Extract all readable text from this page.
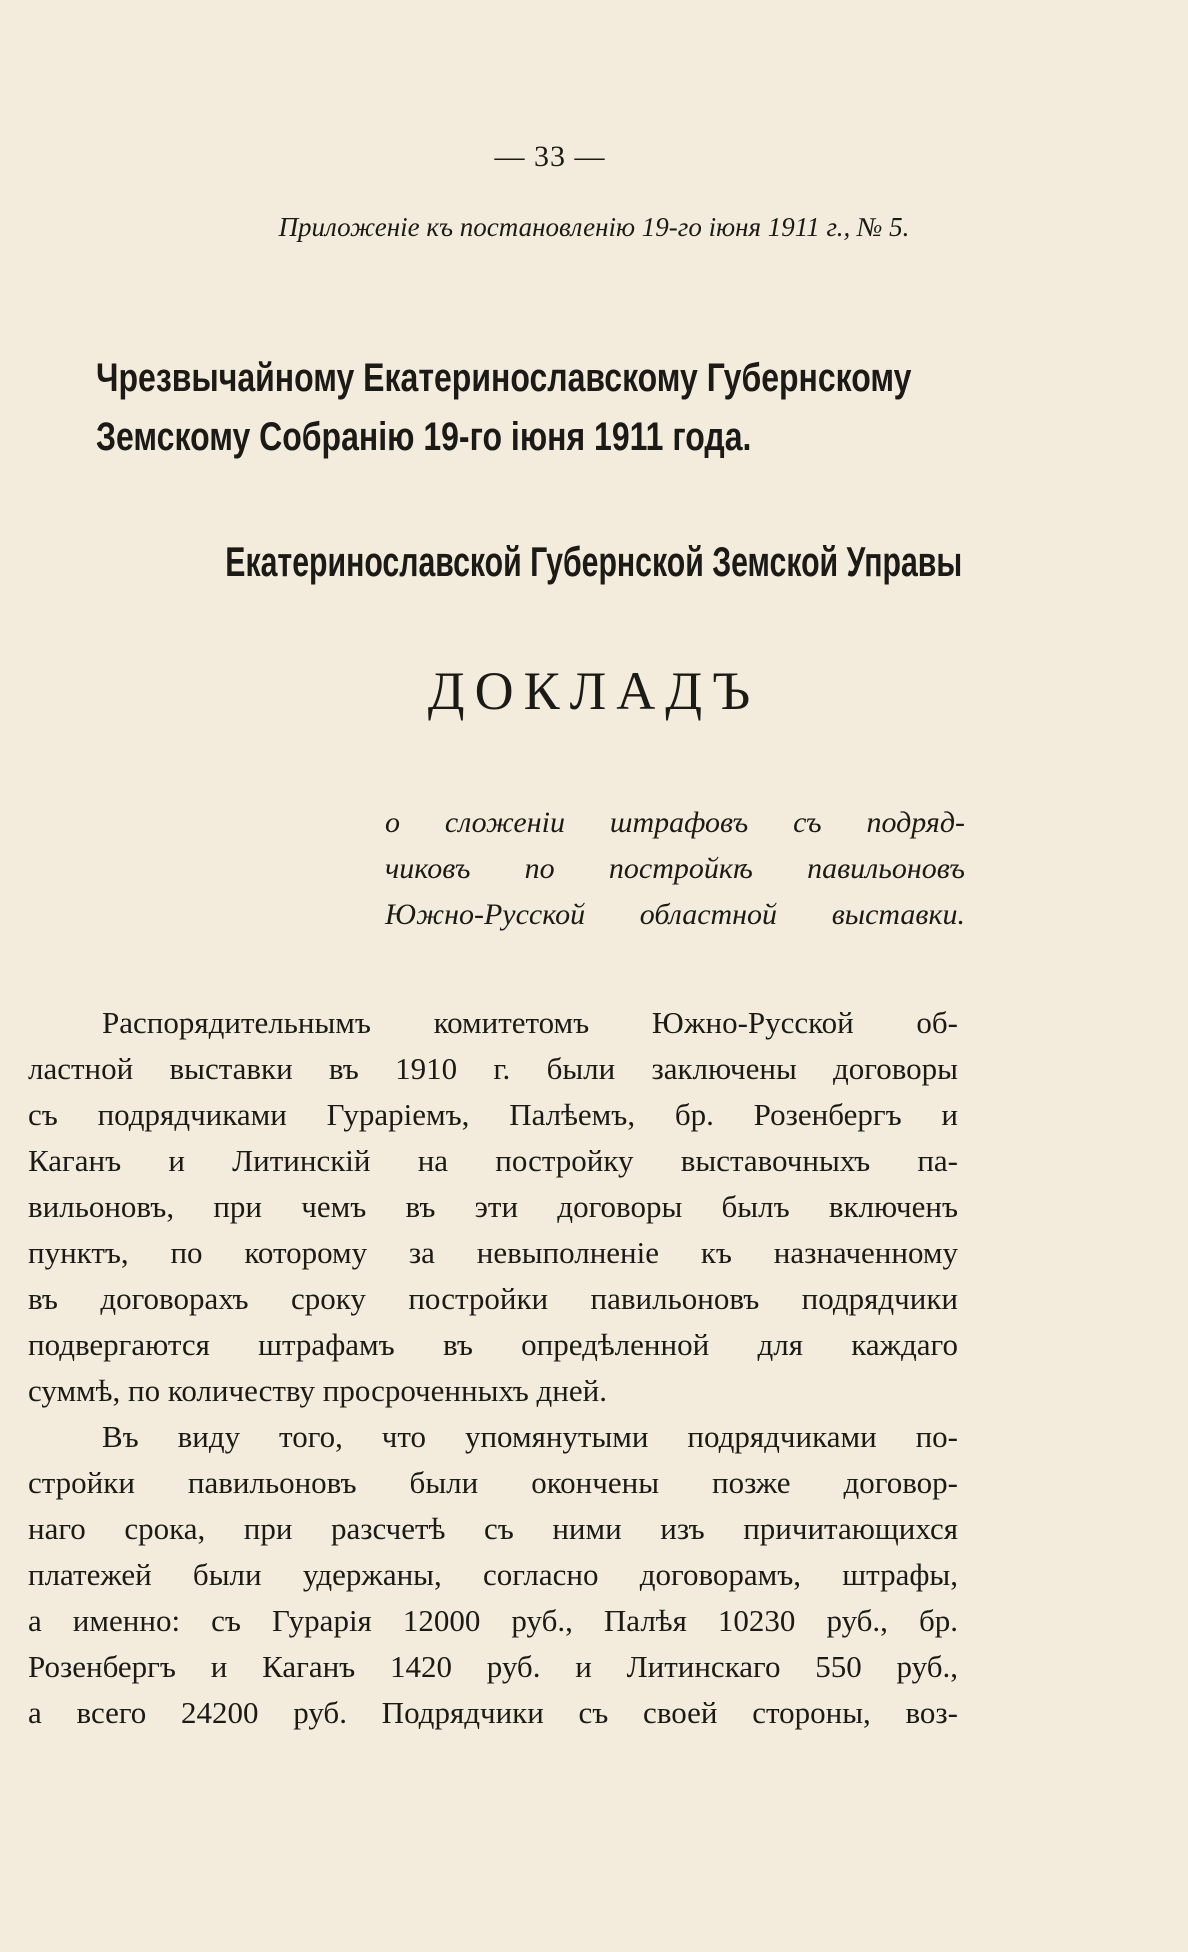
— 33 —
Приложеніе къ постановленію 19-го іюня 1911 г., № 5.
Чрезвычайному Екатеринославскому Губернскому
Земскому Собранію 19-го іюня 1911 года.
Екатеринославской Губернской Земской Управы
ДОКЛАДЪ
о сложеніи штрафовъ съ подряд-
чиковъ по постройкѣ павильоновъ
Южно-Русской областной выставки.
Распорядительнымъ комитетомъ Южно-Русской об-
ластной выставки въ 1910 г. были заключены договоры
съ подрядчиками Гураріемъ, Палѣемъ, бр. Розенбергъ и
Каганъ и Литинскій на постройку выставочныхъ па-
вильоновъ, при чемъ въ эти договоры былъ включенъ
пунктъ, по которому за невыполненіе къ назначенному
въ договорахъ сроку постройки павильоновъ подрядчики
подвергаются штрафамъ въ опредѣленной для каждаго
суммѣ, по количеству просроченныхъ дней.
Въ виду того, что упомянутыми подрядчиками по-
стройки павильоновъ были окончены позже договор-
наго срока, при разсчетѣ съ ними изъ причитающихся
платежей были удержаны, согласно договорамъ, штрафы,
а именно: съ Гурарія 12000 руб., Палѣя 10230 руб., бр.
Розенбергъ и Каганъ 1420 руб. и Литинскаго 550 руб.,
а всего 24200 руб. Подрядчики съ своей стороны, воз-
